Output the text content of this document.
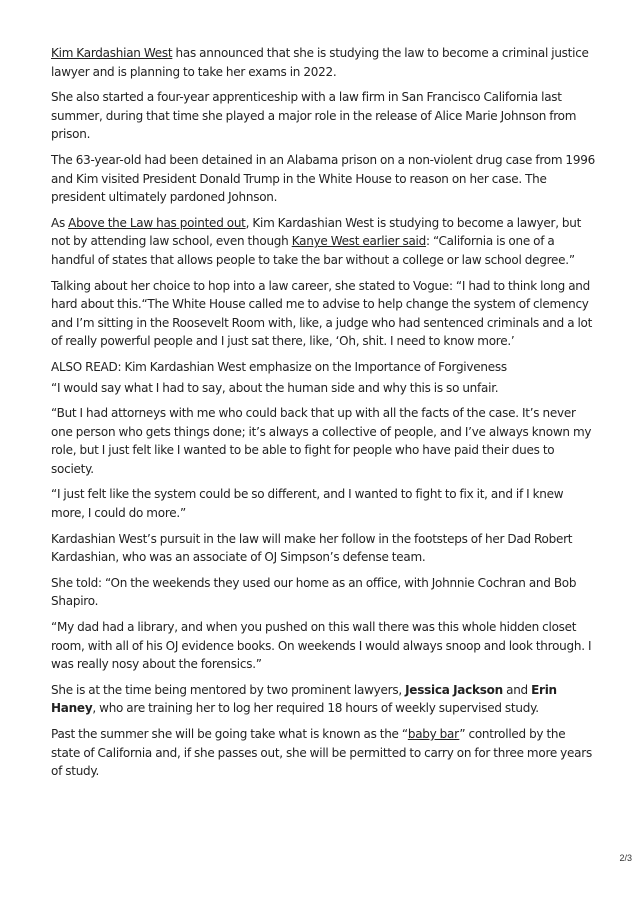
Kim Kardashian West has announced that she is studying the law to become a criminal justice lawyer and is planning to take her exams in 2022.

She also started a four-year apprenticeship with a law firm in San Francisco California last summer, during that time she played a major role in the release of Alice Marie Johnson from prison.

The 63-year-old had been detained in an Alabama prison on a non-violent drug case from 1996 and Kim visited President Donald Trump in the White House to reason on her case. The president ultimately pardoned Johnson.

As Above the Law has pointed out, Kim Kardashian West is studying to become a lawyer, but not by attending law school, even though Kanye West earlier said: “California is one of a handful of states that allows people to take the bar without a college or law school degree.”

Talking about her choice to hop into a law career, she stated to Vogue: “I had to think long and hard about this.“The White House called me to advise to help change the system of clemency and I’m sitting in the Roosevelt Room with, like, a judge who had sentenced criminals and a lot of really powerful people and I just sat there, like, ‘Oh, shit. I need to know more.’

ALSO READ: Kim Kardashian West emphasize on the Importance of Forgiveness

“I would say what I had to say, about the human side and why this is so unfair.

“But I had attorneys with me who could back that up with all the facts of the case. It’s never one person who gets things done; it’s always a collective of people, and I’ve always known my role, but I just felt like I wanted to be able to fight for people who have paid their dues to society.

“I just felt like the system could be so different, and I wanted to fight to fix it, and if I knew more, I could do more.”

Kardashian West’s pursuit in the law will make her follow in the footsteps of her Dad Robert Kardashian, who was an associate of OJ Simpson’s defense team.

She told: “On the weekends they used our home as an office, with Johnnie Cochran and Bob Shapiro.

“My dad had a library, and when you pushed on this wall there was this whole hidden closet room, with all of his OJ evidence books. On weekends I would always snoop and look through. I was really nosy about the forensics.”

She is at the time being mentored by two prominent lawyers, Jessica Jackson and Erin Haney, who are training her to log her required 18 hours of weekly supervised study.

Past the summer she will be going take what is known as the “baby bar” controlled by the state of California and, if she passes out, she will be permitted to carry on for three more years of study.

2/3
